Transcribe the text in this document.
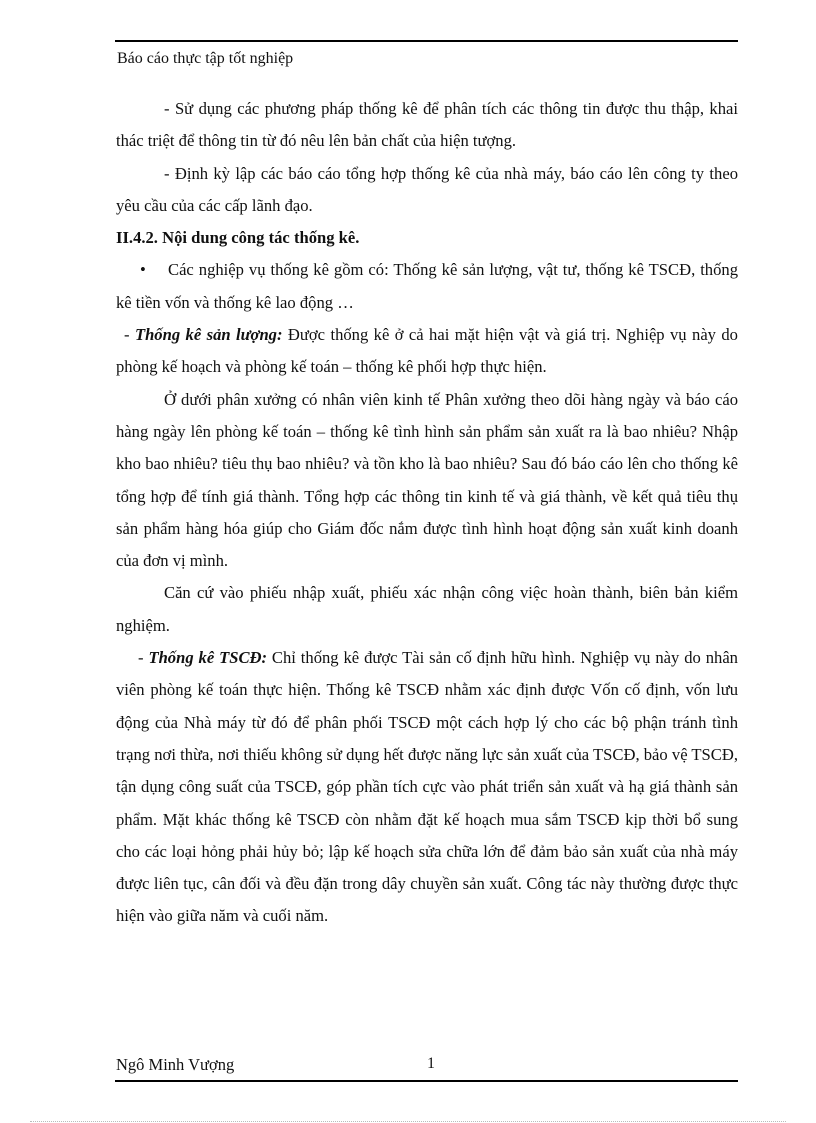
Báo cáo thực tập tốt nghiệp

- Sử dụng các phương pháp thống kê để phân tích các thông tin được thu thập, khai thác triệt để thông tin từ đó nêu lên bản chất của hiện tượng.

- Định kỳ lập các báo cáo tổng hợp thống kê của nhà máy, báo cáo lên công ty theo yêu cầu của các cấp lãnh đạo.

II.4.2. Nội dung công tác thống kê.

• Các nghiệp vụ thống kê gồm có: Thống kê sản lượng, vật tư, thống kê TSCĐ, thống kê tiền vốn và thống kê lao động …

- Thống kê sản lượng: Được thống kê ở cả hai mặt hiện vật và giá trị. Nghiệp vụ này do phòng kế hoạch và phòng kế toán – thống kê phối hợp thực hiện.

Ở dưới phân xưởng có nhân viên kinh tế Phân xưởng theo dõi hàng ngày và báo cáo hàng ngày lên phòng kế toán – thống kê tình hình sản phẩm sản xuất ra là bao nhiêu? Nhập kho bao nhiêu? tiêu thụ bao nhiêu? và tồn kho là bao nhiêu? Sau đó báo cáo lên cho thống kê tổng hợp để tính giá thành. Tổng hợp các thông tin kinh tế và giá thành, về kết quả tiêu thụ sản phẩm hàng hóa giúp cho Giám đốc nắm được tình hình hoạt động sản xuất kinh doanh của đơn vị mình.

Căn cứ vào phiếu nhập xuất, phiếu xác nhận công việc hoàn thành, biên bản kiểm nghiệm.

- Thống kê TSCĐ: Chỉ thống kê được Tài sản cố định hữu hình. Nghiệp vụ này do nhân viên phòng kế toán thực hiện. Thống kê TSCĐ nhằm xác định được Vốn cố định, vốn lưu động của Nhà máy từ đó để phân phối TSCĐ một cách hợp lý cho các bộ phận tránh tình trạng nơi thừa, nơi thiếu không sử dụng hết được năng lực sản xuất của TSCĐ, bảo vệ TSCĐ, tận dụng công suất của TSCĐ, góp phần tích cực vào phát triển sản xuất và hạ giá thành sản phẩm. Mặt khác thống kê TSCĐ còn nhằm đặt kế hoạch mua sắm TSCĐ kịp thời bổ sung cho các loại hỏng phải hủy bỏ; lập kế hoạch sửa chữa lớn để đảm bảo sản xuất của nhà máy được liên tục, cân đối và đều đặn trong dây chuyền sản xuất. Công tác này thường được thực hiện vào giữa năm và cuối năm.

Ngô Minh Vượng	1
